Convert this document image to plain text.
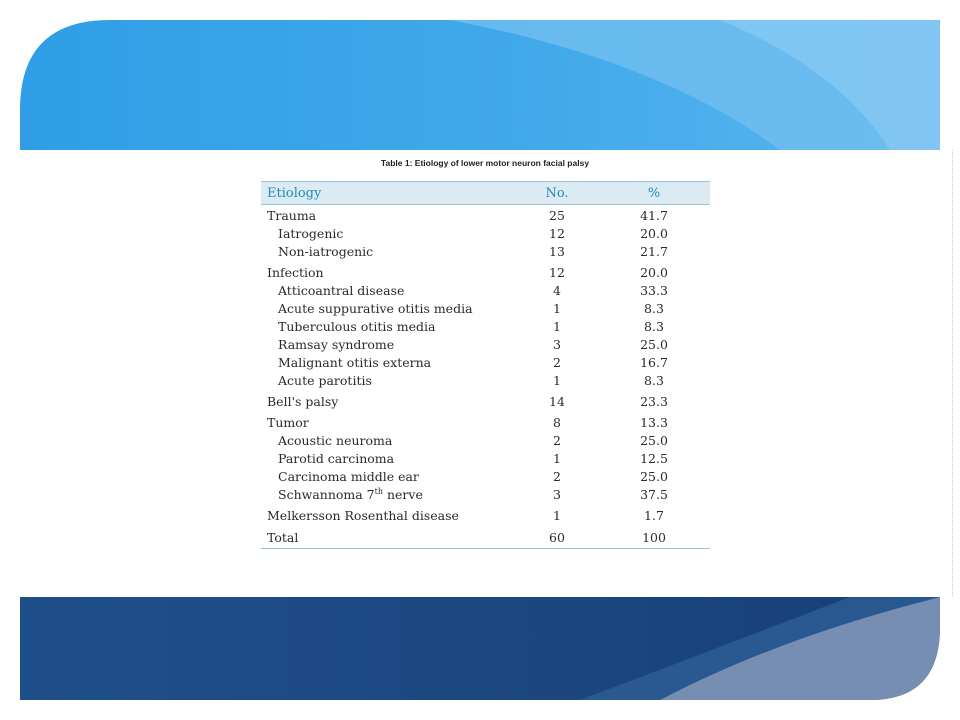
Table 1: Etiology of lower motor neuron facial palsy
Etiology	No.	%
Trauma	25	41.7
Iatrogenic	12	20.0
Non-iatrogenic	13	21.7
Infection	12	20.0
Atticoantral disease	4	33.3
Acute suppurative otitis media	1	8.3
Tuberculous otitis media	1	8.3
Ramsay syndrome	3	25.0
Malignant otitis externa	2	16.7
Acute parotitis	1	8.3
Bell's palsy	14	23.3
Tumor	8	13.3
Acoustic neuroma	2	25.0
Parotid carcinoma	1	12.5
Carcinoma middle ear	2	25.0
Schwannoma 7th nerve	3	37.5
Melkersson Rosenthal disease	1	1.7
Total	60	100
